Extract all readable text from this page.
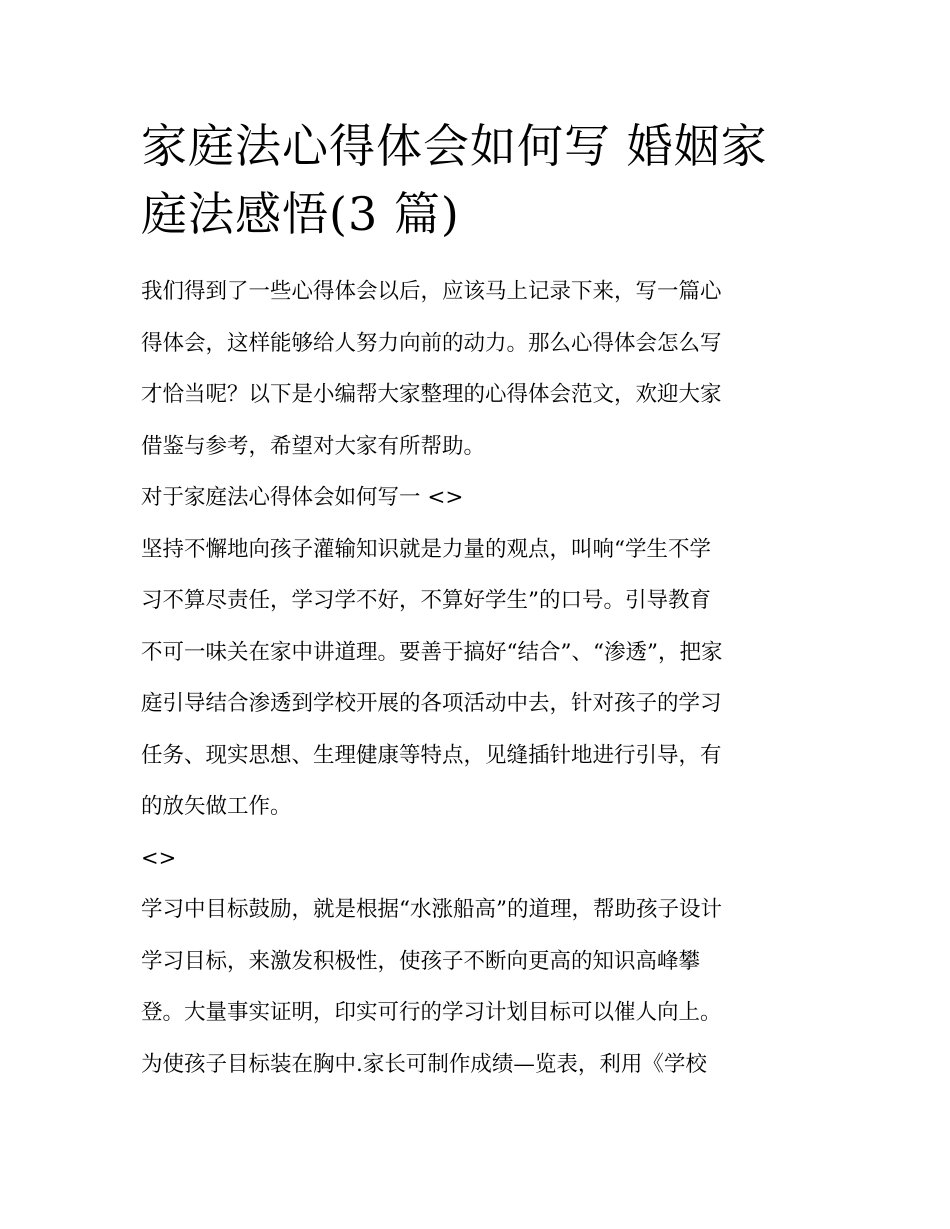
家庭法心得体会如何写 婚姻家
庭法感悟(3 篇)

我们得到了一些心得体会以后，应该马上记录下来，写一篇心
得体会，这样能够给人努力向前的动力。那么心得体会怎么写
才恰当呢？以下是小编帮大家整理的心得体会范文，欢迎大家
借鉴与参考，希望对大家有所帮助。

对于家庭法心得体会如何写一 <>

坚持不懈地向孩子灌输知识就是力量的观点，叫响“学生不学
习不算尽责任，学习学不好，不算好学生”的口号。引导教育
不可一味关在家中讲道理。要善于搞好“结合”、“渗透”，把家
庭引导结合渗透到学校开展的各项活动中去，针对孩子的学习
任务、现实思想、生理健康等特点，见缝插针地进行引导，有
的放矢做工作。

<>

学习中目标鼓励，就是根据“水涨船高”的道理，帮助孩子设计
学习目标，来激发积极性，使孩子不断向更高的知识高峰攀
登。大量事实证明，印实可行的学习计划目标可以催人向上。
为使孩子目标装在胸中.家长可制作成绩—览表，利用《学校
